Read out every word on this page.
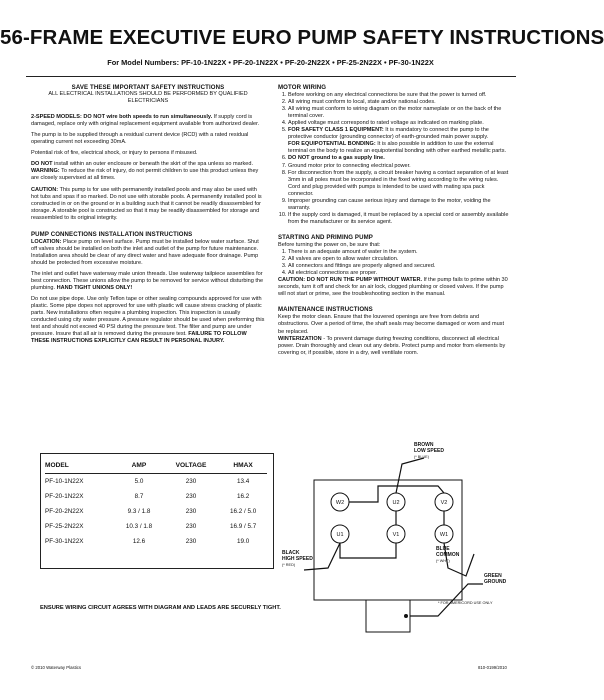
56-FRAME EXECUTIVE EURO PUMP SAFETY INSTRUCTIONS
For Model Numbers: PF-10-1N22X • PF-20-1N22X • PF-20-2N22X • PF-25-2N22X • PF-30-1N22X
SAVE THESE IMPORTANT SAFETY INSTRUCTIONS

ALL ELECTRICAL INSTALLATIONS SHOULD BE PERFORMED BY QUALIFIED ELECTRICIANS

2-SPEED MODELS: DO NOT wire both speeds to run simultaneously. If supply cord is damaged, replace only with original replacement equipment available from authorized dealer.

The pump is to be supplied through a residual current device (RCD) with a rated residual operating current not exceeding 30mA.

Potential risk of fire, electrical shock, or injury to persons if misused.

DO NOT install within an outer enclosure or beneath the skirt of the spa unless so marked.
WARNING: To reduce the risk of injury, do not permit children to use this product unless they are closely supervised at all times.

CAUTION: This pump is for use with permanently installed pools and may also be used with hot tubs and spas if so marked. Do not use with storable pools. A permanently installed pool is constructed in or on the ground or in a building such that it cannot be readily disassembled for storage. A storable pool is constructed so that it may be readily disassembled for storage and reassembled to its original integrity.

PUMP CONNECTIONS INSTALLATION INSTRUCTIONS

LOCATION: Place pump on level surface. Pump must be installed below water surface. Shut off valves should be installed on both the inlet and outlet of the pump for future maintenance. Installation area should be clear of any direct water and have adequate floor drainage. Pump should be protected from excessive moisture.

The inlet and outlet have waterway male union threads. Use waterway tailpiece assemblies for best connection. These unions allow the pump to be removed for service without disturbing the plumbing. HAND TIGHT UNIONS ONLY!

Do not use pipe dope. Use only Teflon tape or other sealing compounds approved for use with plastic. Some pipe dopes not approved for use with plastic will cause stress cracking of plastic parts. New installations often require a plumbing inspection. This inspection is usually conducted using city water pressure. A pressure regulator should be used when preforming this test and should not exceed 40 PSI during the pressure test. The filter and pump are under pressure. Insure that all air is removed during the pressure test. FAILURE TO FOLLOW THESE INSTRUCTIONS EXPLICITLY CAN RESULT IN PERSONAL INJURY.

MODEL	AMP	VOLTAGE	HMAX
PF-10-1N22X	5.0	230	13.4
PF-20-1N22X	8.7	230	16.2
PF-20-2N22X	9.3 / 1.8	230	16.2 / 5.0
PF-25-2N22X	10.3 / 1.8	230	16.9 / 5.7
PF-30-1N22X	12.6	230	19.0
ENSURE WIRING CIRCUIT AGREES WITH DIAGRAM AND LEADS ARE SECURELY TIGHT.
MOTOR WIRING
1. Before working on any electrical connections be sure that the power is turned off.
2. All wiring must conform to local, state and/or national codes.
3. All wiring must conform to wiring diagram on the motor nameplate or on the back of the terminal cover.
4. Applied voltage must correspond to rated voltage as indicated on marking plate.
5. FOR SAFETY CLASS 1 EQUIPMENT: It is mandatory to connect the pump to the protective conductor (grounding connector) of earth-grounded main power supply.
FOR EQUIPOTENTIAL BONDING: It is also possible in addition to use the external terminal on the body to realize an equipotential bonding with other earthed metallic parts.
6. DO NOT ground to a gas supply line.
7. Ground motor prior to connecting electrical power.
8. For disconnection from the supply, a circuit breaker having a contact separation of at least 3mm in all poles must be incorporated in the fixed wiring according to the wiring rules. Cord and plug provided with pumps is intended to be used with mating spa pack connector.
9. Improper grounding can cause serious injury and damage to the motor, voiding the warranty.
10. If the supply cord is damaged, it must be replaced by a special cord or assembly available from the manufacturer or its service agent.
STARTING AND PRIMING PUMP

Before turning the power on, be sure that:

1. There is an adequate amount of water in the system.
2. All valves are open to allow water circulation.
3. All connectors and fittings are properly aligned and secured.
4. All electrical connections are proper.

CAUTION: DO NOT RUN THE PUMP WITHOUT WATER. If the pump fails to prime within 30 seconds, turn it off and check for an air lock, clogged plumbing or closed valves. If the pump will not start or prime, see the troubleshooting section in the manual.

MAINTENANCE INSTRUCTIONS

Keep the motor clean. Ensure that the louvered openings are free from debris and obstructions. Over a period of time, the shaft seals may become damaged or worn and must be replaced.
WINTERIZATION - To prevent damage during freezing conditions, disconnect all electrical power. Drain thoroughly and clean out any debris. Protect pump and motor from elements by covering or, if possible, store in a dry, well ventilate room.

W2	U2	V2
U1	V1	W1
BROWN
LOW SPEED
(* BLUE)
BLUE
COMMON
(* WHT)
BLACK
HIGH SPEED
(* RED)
GREEN
GROUND
* FOR AMERICORD USE ONLY
© 2010 Waterway Plastics	810-0199/2010
